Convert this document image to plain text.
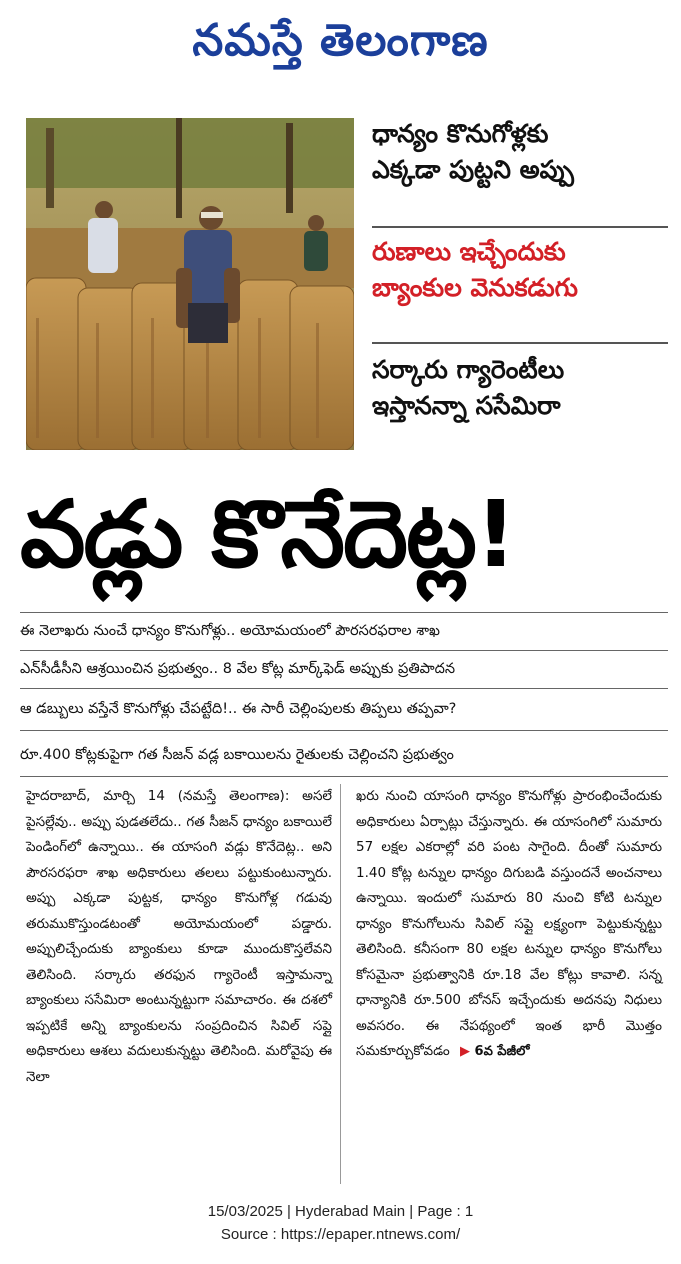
నమస్తే తెలంగాణ
ధాన్యం కొనుగోళ్లకు
ఎక్కడా పుట్టని అప్పు
రుణాలు ఇచ్చేందుకు
బ్యాంకుల వెనుకడుగు
సర్కారు గ్యారెంటీలు
ఇస్తానన్నా ససేమిరా
వడ్లు కొనేదెట్ల!
ఈ నెలాఖరు నుంచే ధాన్యం కొనుగోళ్లు.. అయోమయంలో పౌరసరఫరాల శాఖ
ఎన్‌సీడీసీని ఆశ్రయించిన ప్రభుత్వం.. 8 వేల కోట్ల మార్క్‌ఫెడ్ అప్పుకు ప్రతిపాదన
ఆ డబ్బులు వస్తేనే కొనుగోళ్లు చేపట్టేది!.. ఈ సారీ చెల్లింపులకు తిప్పలు తప్పవా?
రూ.400 కోట్లకుపైగా గత సీజన్ వడ్ల బకాయిలను రైతులకు చెల్లించని ప్రభుత్వం
హైదరాబాద్, మార్చి 14 (నమస్తే తెలంగాణ): అసలే పైసల్లేవు.. అప్పు పుడతలేదు.. గత సీజన్ ధాన్యం బకాయిలే పెండింగ్‌లో ఉన్నాయి.. ఈ యాసంగి వడ్లు కొనేదెట్ల.. అని పౌరసరఫరా శాఖ అధికారులు తలలు పట్టుకుంటున్నారు. అప్పు ఎక్కడా పుట్టక, ధాన్యం కొనుగోళ్ల గడువు తరుముకొస్తుండటంతో అయోమయంలో పడ్డారు. అప్పులిచ్చేందుకు బ్యాంకులు కూడా ముందుకొస్తలేవని తెలిసింది. సర్కారు తరఫున గ్యారెంటీ ఇస్తామన్నా బ్యాంకులు ససేమిరా అంటున్నట్టుగా సమాచారం. ఈ దశలో ఇప్పటికే అన్ని బ్యాంకులను సంప్రదించిన సివిల్ సప్లై అధికారులు ఆశలు వదులుకున్నట్టు తెలిసింది. మరోవైపు ఈ నెలా
ఖరు నుంచి యాసంగి ధాన్యం కొనుగోళ్లు ప్రారంభించేందుకు అధికారులు ఏర్పాట్లు చేస్తున్నారు. ఈ యాసంగిలో సుమారు 57 లక్షల ఎకరాల్లో వరి పంట సాగైంది. దీంతో సుమారు 1.40 కోట్ల టన్నుల ధాన్యం దిగుబడి వస్తుందనే అంచనాలు ఉన్నాయి. ఇందులో సుమారు 80 నుంచి కోటి టన్నుల ధాన్యం కొనుగోలును సివిల్ సప్లై లక్ష్యంగా పెట్టుకున్నట్టు తెలిసింది. కనీసంగా 80 లక్షల టన్నుల ధాన్యం కొనుగోలు కోసమైనా ప్రభుత్వానికి రూ.18 వేల కోట్లు కావాలి. సన్న ధాన్యానికి రూ.500 బోనస్ ఇచ్చేందుకు అదనపు నిధులు అవసరం. ఈ నేపథ్యంలో ఇంత భారీ మొత్తం సమకూర్చుకోవడం ▶ 6వ పేజీలో
15/03/2025 | Hyderabad Main | Page : 1
Source : https://epaper.ntnews.com/
